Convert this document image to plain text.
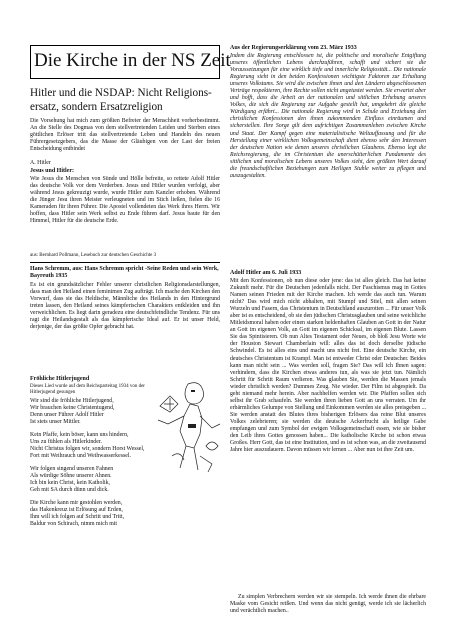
Die Kirche in der NS Zeit
Hitler und die NSDAP: Nicht Religions-ersatz, sondern Ersatzreligion

Die Vorsehung hat mich zum größten Befreier der Menschheit vorherbestimmt. An die Stelle des Dogmas von dem stellvertretenden Leiden und Sterben eines göttlichen Erlöser tritt das stellvertretende Leben und Handeln des neuen Führergesetzgebers, das die Masse der Gläubigen von der Last der freien Entscheidung entbindet

A. Hitler

Jesus und Hitler:

Wie Jesus die Menschen von Sünde und Hölle befreite, so rettete Adolf Hitler das deutsche Volk vor dem Verderben. Jesus und Hitler wurden verfolgt, aber während Jesus gekreuzigt wurde, wurde Hitler zum Kanzler erhoben. Während die Jünger Jesu ihren Meister verleugneten und im Stich ließen, fielen die 16 Kameraden für ihren Führer. Die Apostel vollendeten das Werk ihres Herrn. Wir hoffen, dass Hitler sein Werk selbst zu Ende führen darf. Jesus baute für den Himmel, Hitler für die deutsche Erde.

aus: Bernhard Pollmann, Lesebuch zur deutschen Geschichte 3

Hans Schremm, aus: Hans Schremm spricht -Seine Reden und sein Werk, Bayreuth 1935

Es ist ein grundsätzlicher Fehler unserer christlichen Religionsdarstellungen, dass man den Heiland einen feminimen Zug aufträgt. Ich mache den Kirchen den Vorwurf, dass sie das Heldische, Männliche des Heilands in den Hintergrund treten lassen, den Heiland seines kämpferischen Charakters entkleiden und ihn verweichlichen. Es liegt darin geradezu eine deutschfeindliche Tendenz. Für uns ragt die Heilandsgestalt als das kämpferische Ideal auf. Er ist unser Held, derjenige, der das größte Opfer gebracht hat.

Fröhliche Hitlerjugend

Dieses Lied wurde auf dem Reichsparteitag 1934 von der Hitlerjugend gesungen

Wir sind die fröhliche Hitlerjugend,
Wir brauchen keine Christentugend,
Denn unser Führer Adolf Hitler
Ist stets unser Mittler.
Kein Pfaffe, kein böser, kann uns hindern,
Uns zu fühlen als Hitlerkinder.
Nicht Christus folgen wir, sondern Horst Wessel,
Fort mit Weihrauch und Weihwasserkessel.
Wir folgen singend unseren Fahnen
Als würdige Söhne unserer Ahnen.
Ich bin kein Christ, kein Katholik,
Geh mit SA durch dünn und dick.
Die Kirche kann mir gestohlen werden,
das Hakenkreuz ist Erlösung auf Erden,
Ihm will ich folgen auf Schritt und Tritt,
Baldur von Schirach, nimm mich mit

Aus der Regierungserklärung vom 23. März 1933

Indem die Regierung entschlossen ist, die politische und moralische Entgiftung unseres öffentlichen Lebens durchzuführen, schafft und sichert sie die Voraussetzungen für eine wirklich tiefe und innerliche Religiosität... Die nationale Regierung sieht in den beiden Konfessionen wichtigste Faktoren zur Erhaltung unseres Volkstums. Sie wird die zwischen ihnen und den Ländern abgeschlossenen Verträge respektieren, ihre Rechte sollen nicht angetastet werden. Sie erwartet aber und hofft, dass die Arbeit an der nationalen und sittlichen Erhebung unseres Volkes, die sich die Regierung zur Aufgabe gestellt hat, umgekehrt die gleiche Würdigung erfährt... Die nationale Regierung wird in Schule und Erziehung den christlichen Konfessionen den ihnen zukommenden Einfluss einräumen und sicherstellen. Ihre Sorge gilt dem aufrichtigen Zusammenleben zwischen Kirche und Staat. Der Kampf gegen eine materialistische Weltauffassung und für die Herstellung einer wirklichen Volksgemeinschaft dient ebenso sehr den Interessen der deutschen Nation wie denen unseres christlichen Glaubens. Ebenso legt die Reichsregierung, die im Christentum die unerschütterlichen Fundamente des sittlichen und moralischen Lebens unseres Volkes sieht, den größten Wert darauf die freundschaftlichen Beziehungen zum Heiligen Stuhle weiter zu pflegen und auszugestalten.

Adolf Hitler am 6. Juli 1933

Mit den Konfessionen, ob nun diese oder jene: das ist alles gleich. Das hat keine Zukunft mehr. Für die Deutschen jedenfalls nicht. Der Faschismus mag in Gottes Namen seinen Frieden mit der Kirche machen. Ich werde das auch tun. Warum nicht? Das wird mich nicht abhalten, mit Stumpf und Stiel, mit allen seinen Wurzeln und Fasern, das Christentum in Deutschland auszurotten ... Für unser Volk aber ist es entscheidend, ob sie den jüdischen Christusglauben und seine weichliche Mitleidsmoral haben oder einen starken heldenhaften Glauben an Gott in der Natur an Gott im eigenen Volk, an Gott im eigenen Schicksal, im eigenen Blute. Lassen Sie das Spintisieren. Ob nun Altes Testament oder Neues, ob bloß Jesu Worte wie der Houston Stewart Chamberlain will: alles das ist doch derselbe jüdische Schwindel. Es ist alles eins und macht uns nicht frei. Eine deutsche Kirche, ein deutsches Christentum ist Krampf. Man ist entweder Christ oder Deutscher. Beides kann man nicht sein ... Was werden soll, fragen Sie? Das will ich Ihnen sagen: verhindern, dass die Kirchen etwas anderes tun, als was sie jetzt tun. Nämlich Schritt für Schritt Raum verlieren. Was glauben Sie, werden die Massen jemals wieder christlich werden? Dummes Zeug. Nie wieder. Der Film ist abgespielt. Da geht niemand mehr herein. Aber nachhelfen werden wir. Die Pfaffen sollen sich selbst ihr Grab schaufeln. Sie werden ihren lieben Gott an uns verraten. Um ihr erbärmliches Gelumpe von Stellung und Einkommen werden sie alles preisgeben ... Sie werden anstatt des Blutes ihres bisherigen Erlösers das reine Blut unseres Volkes zelebrieren; sie werden die deutsche Ackerfrucht als heilige Gabe empfangen und zum Symbol der ewigen Volksgemeinschaft essen, wie sie bisher den Leib ihres Gottes genossen haben... Die katholische Kirche ist schon etwas Großes. Herr Gott, das ist eine Institution, und es ist schon was, an die zweitausend Jahre hier auszudauern. Davon müssen wir lernen ... Aber nun ist ihre Zeit um.

Zu simplen Verbrechern werden wir sie stempeln. Ich werde ihnen die ehrbare Maske vom Gesicht reißen. Und wenn das nicht genügt, werde ich sie lächerlich und verächtlich machen..
